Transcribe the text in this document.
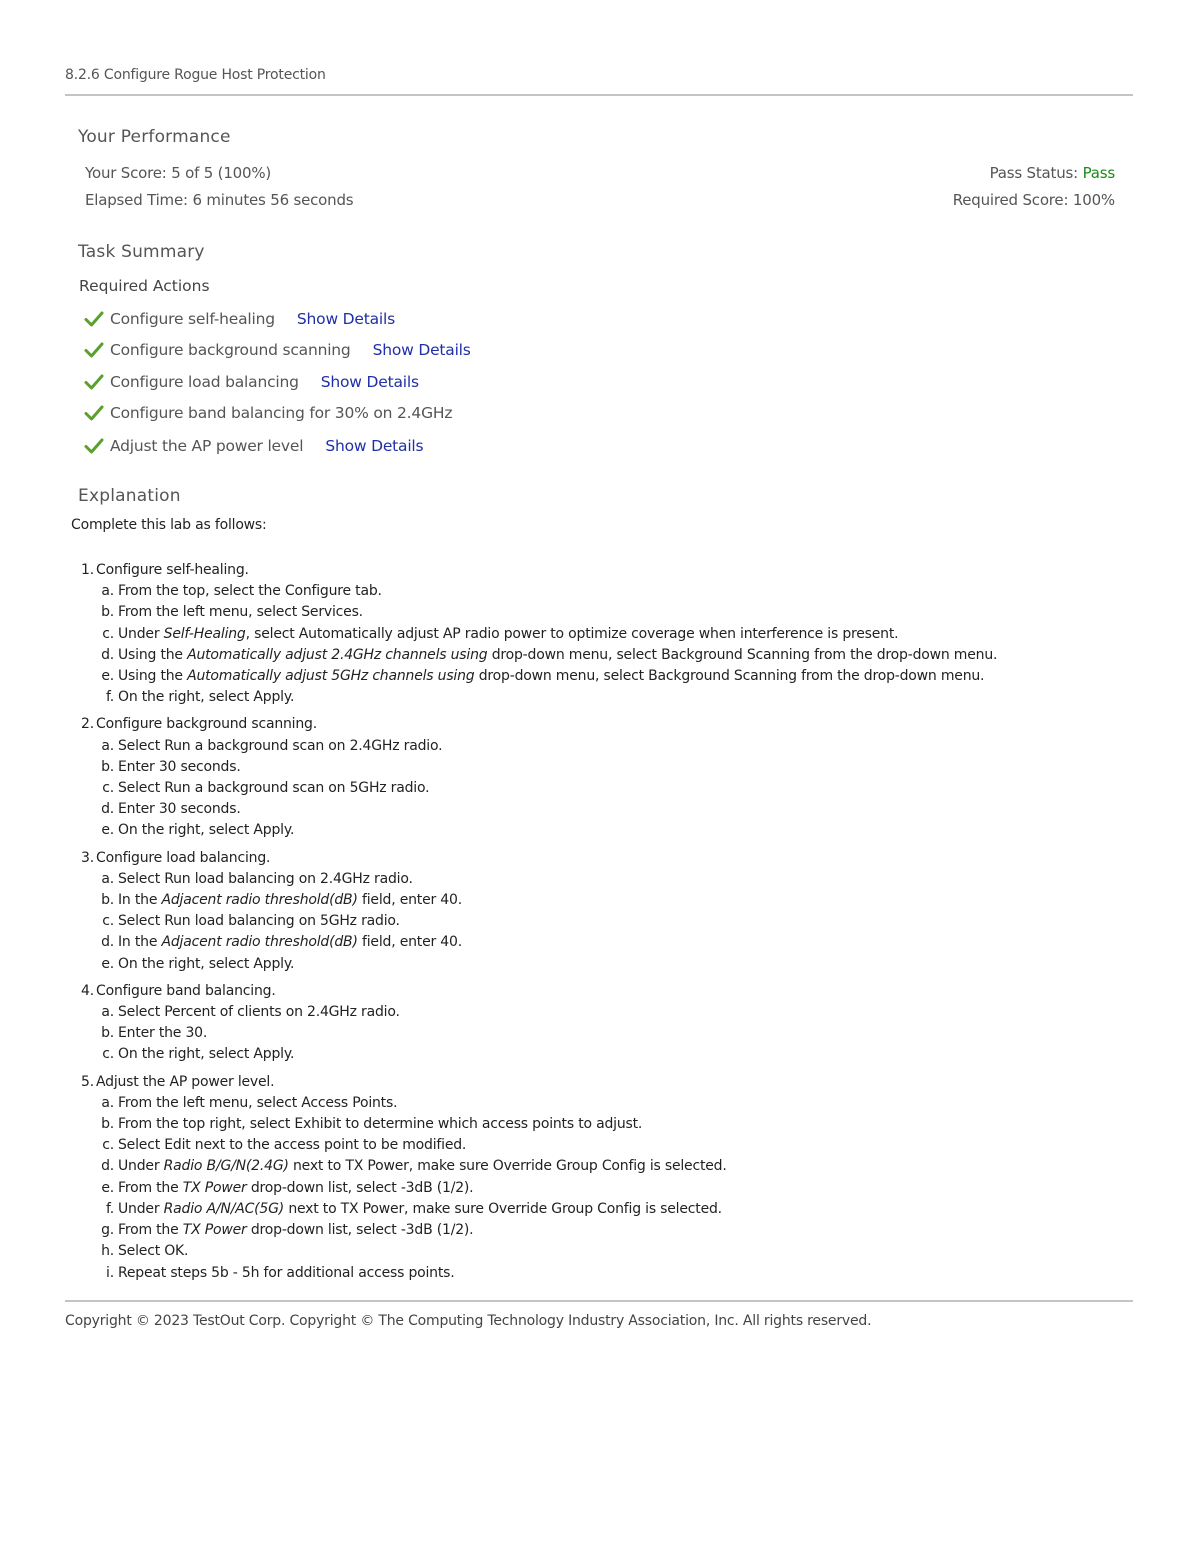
8.2.6 Configure Rogue Host Protection
Your Performance
Your Score: 5 of 5 (100%)
Elapsed Time: 6 minutes 56 seconds
Pass Status: Pass
Required Score: 100%
Task Summary
Required Actions
Configure self-healing Show Details
Configure background scanning Show Details
Configure load balancing Show Details
Configure band balancing for 30% on 2.4GHz
Adjust the AP power level Show Details
Explanation
Complete this lab as follows:
1. Configure self-healing.
a. From the top, select the Configure tab.
b. From the left menu, select Services.
c. Under Self-Healing, select Automatically adjust AP radio power to optimize coverage when interference is present.
d. Using the Automatically adjust 2.4GHz channels using drop-down menu, select Background Scanning from the drop-down menu.
e. Using the Automatically adjust 5GHz channels using drop-down menu, select Background Scanning from the drop-down menu.
f. On the right, select Apply.
2. Configure background scanning.
a. Select Run a background scan on 2.4GHz radio.
b. Enter 30 seconds.
c. Select Run a background scan on 5GHz radio.
d. Enter 30 seconds.
e. On the right, select Apply.
3. Configure load balancing.
a. Select Run load balancing on 2.4GHz radio.
b. In the Adjacent radio threshold(dB) field, enter 40.
c. Select Run load balancing on 5GHz radio.
d. In the Adjacent radio threshold(dB) field, enter 40.
e. On the right, select Apply.
4. Configure band balancing.
a. Select Percent of clients on 2.4GHz radio.
b. Enter the 30.
c. On the right, select Apply.
5. Adjust the AP power level.
a. From the left menu, select Access Points.
b. From the top right, select Exhibit to determine which access points to adjust.
c. Select Edit next to the access point to be modified.
d. Under Radio B/G/N(2.4G) next to TX Power, make sure Override Group Config is selected.
e. From the TX Power drop-down list, select -3dB (1/2).
f. Under Radio A/N/AC(5G) next to TX Power, make sure Override Group Config is selected.
g. From the TX Power drop-down list, select -3dB (1/2).
h. Select OK.
i. Repeat steps 5b - 5h for additional access points.
Copyright © 2023 TestOut Corp. Copyright © The Computing Technology Industry Association, Inc. All rights reserved.
